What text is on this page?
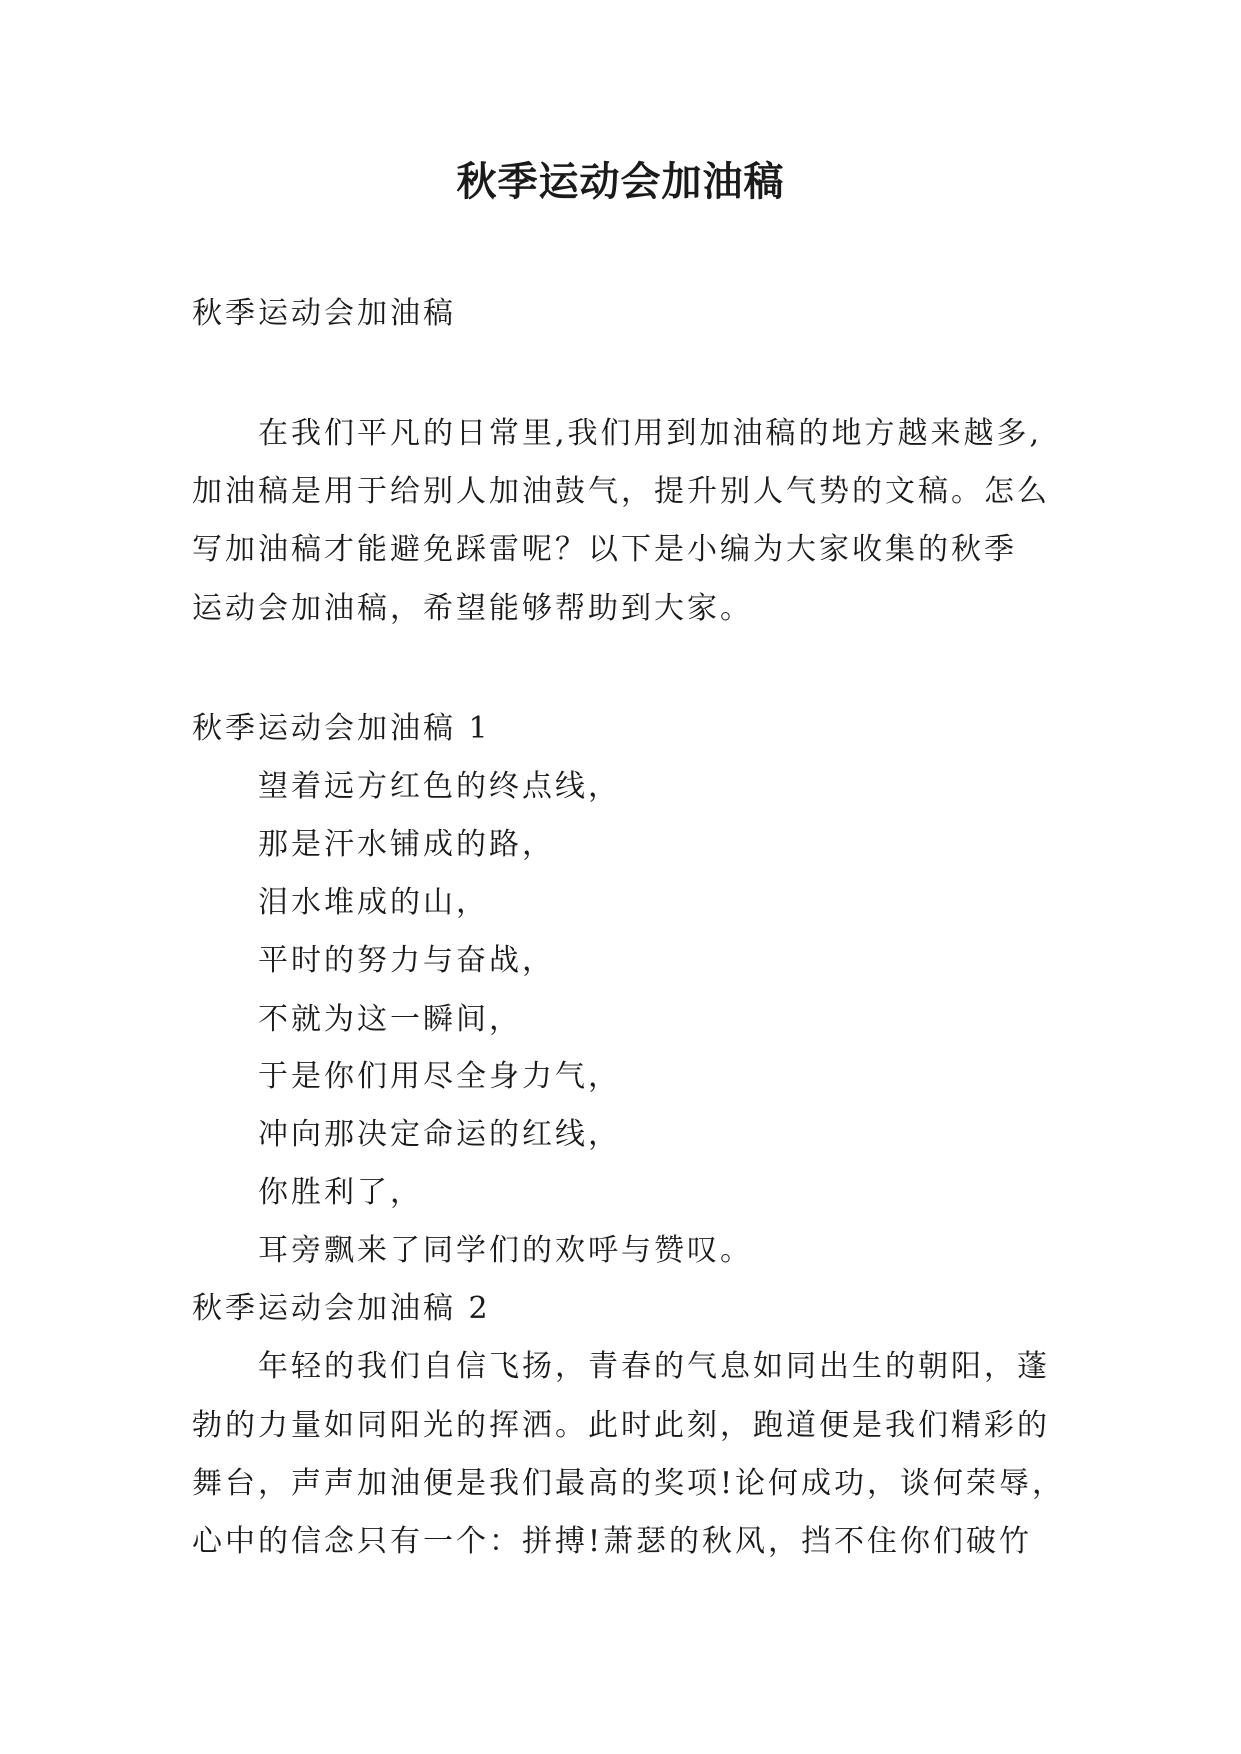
秋季运动会加油稿
秋季运动会加油稿
在我们平凡的日常里,我们用到加油稿的地方越来越多,
加油稿是用于给别人加油鼓气，提升别人气势的文稿。怎么
写加油稿才能避免踩雷呢？以下是小编为大家收集的秋季
运动会加油稿，希望能够帮助到大家。
秋季运动会加油稿 1
望着远方红色的终点线，
那是汗水铺成的路，
泪水堆成的山，
平时的努力与奋战，
不就为这一瞬间，
于是你们用尽全身力气，
冲向那决定命运的红线，
你胜利了，
耳旁飘来了同学们的欢呼与赞叹。
秋季运动会加油稿 2
年轻的我们自信飞扬，青春的气息如同出生的朝阳，蓬
勃的力量如同阳光的挥洒。此时此刻，跑道便是我们精彩的
舞台，声声加油便是我们最高的奖项!论何成功，谈何荣辱，
心中的信念只有一个：拼搏!萧瑟的秋风，挡不住你们破竹
